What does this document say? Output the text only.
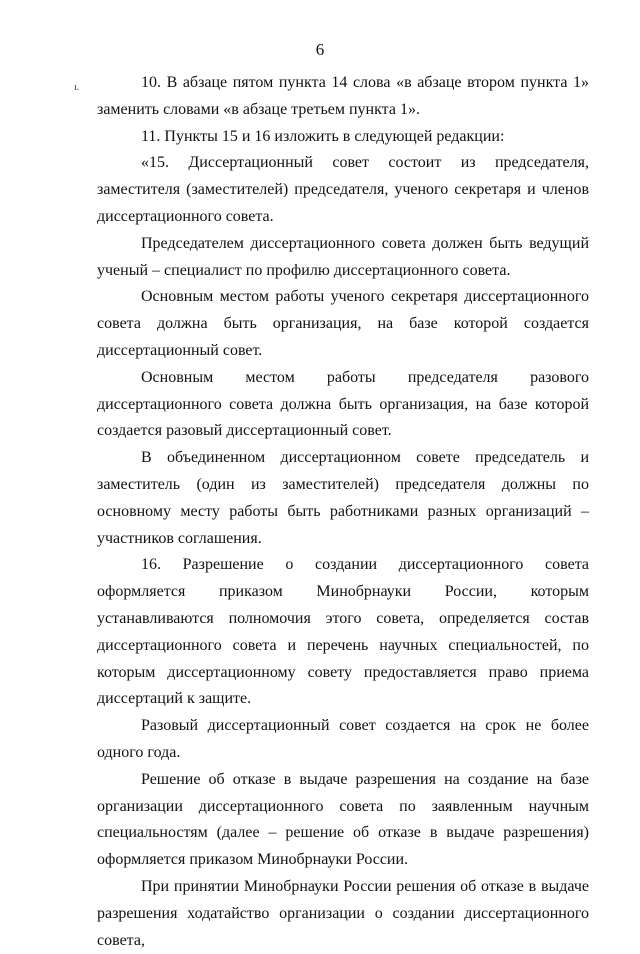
6
ı.	10. В абзаце пятом пункта 14 слова «в абзаце втором пункта 1» заменить словами «в абзаце третьем пункта 1».

11. Пункты 15 и 16 изложить в следующей редакции:

«15. Диссертационный совет состоит из председателя, заместителя (заместителей) председателя, ученого секретаря и членов диссертационного совета.

Председателем диссертационного совета должен быть ведущий ученый – специалист по профилю диссертационного совета.

Основным местом работы ученого секретаря диссертационного совета должна быть организация, на базе которой создается диссертационный совет.

Основным местом работы председателя разового диссертационного совета должна быть организация, на базе которой создается разовый диссертационный совет.

В объединенном диссертационном совете председатель и заместитель (один из заместителей) председателя должны по основному месту работы быть работниками разных организаций – участников соглашения.

16. Разрешение о создании диссертационного совета оформляется приказом Минобрнауки России, которым устанавливаются полномочия этого совета, определяется состав диссертационного совета и перечень научных специальностей, по которым диссертационному совету предоставляется право приема диссертаций к защите.

Разовый диссертационный совет создается на срок не более одного года.

Решение об отказе в выдаче разрешения на создание на базе организации диссертационного совета по заявленным научным специальностям (далее – решение об отказе в выдаче разрешения) оформляется приказом Минобрнауки России.

При принятии Минобрнауки России решения об отказе в выдаче разрешения ходатайство организации о создании диссертационного совета,
